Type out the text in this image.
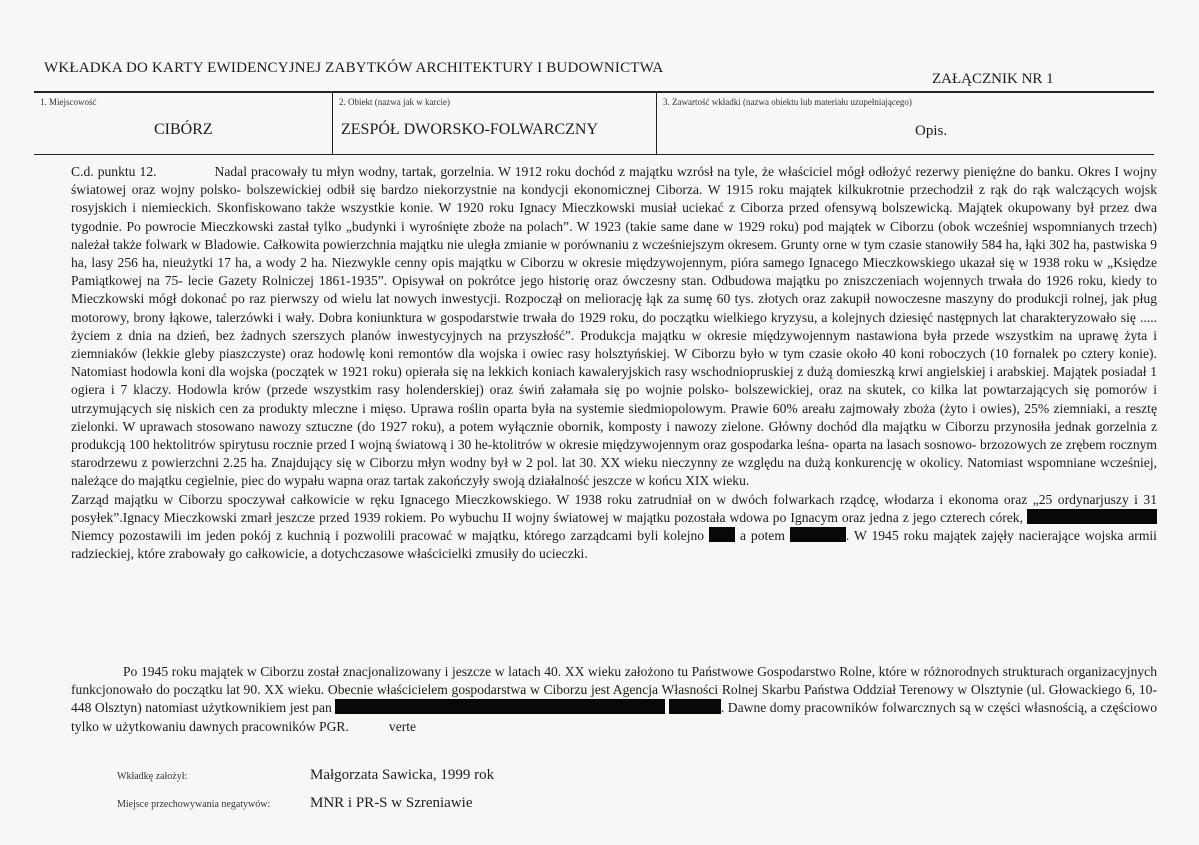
WKŁADKA DO KARTY EWIDENCYJNEJ ZABYTKÓW ARCHITEKTURY I BUDOWNICTWA
ZAŁĄCZNIK NR 1
1. Miejscowość
CIBÓRZ
2. Obiekt (nazwa jak w karcie)
ZESPÓŁ DWORSKO-FOLWARCZNY
3. Zawartość wkładki (nazwa obiektu lub materiału uzupełniającego)
Opis.

C.d. punktu 12.	Nadal pracowały tu młyn wodny, tartak, gorzelnia. W 1912 roku dochód z majątku wzrósł na tyle, że właściciel mógł odłożyć rezerwy pieniężne do banku. Okres I wojny światowej oraz wojny polsko- bolszewickiej odbił się bardzo niekorzystnie na kondycji ekonomicznej Ciborza. W 1915 roku majątek kilkukrotnie przechodził z rąk do rąk walczących wojsk rosyjskich i niemieckich. Skonfiskowano także wszystkie konie. W 1920 roku Ignacy Mieczkowski musiał uciekać z Ciborza przed ofensywą bolszewicką. Majątek okupowany był przez dwa tygodnie. Po powrocie Mieczkowski zastał tylko „budynki i wyrośnięte zboże na polach”. W 1923 (takie same dane w 1929 roku) pod majątek w Ciborzu (obok wcześniej wspomnianych trzech) należał także folwark w Bladowie. Całkowita powierzchnia majątku nie uległa zmianie w porównaniu z wcześniejszym okresem. Grunty orne w tym czasie stanowiły 584 ha, łąki 302 ha, pastwiska 9 ha, lasy 256 ha, nieużytki 17 ha, a wody 2 ha. Niezwykle cenny opis majątku w Ciborzu w okresie międzywojennym, pióra samego Ignacego Mieczkowskiego ukazał się w 1938 roku w „Księdze Pamiątkowej na 75- lecie Gazety Rolniczej 1861-1935”. Opisywał on pokrótce jego historię oraz ówczesny stan. Odbudowa majątku po zniszczeniach wojennych trwała do 1926 roku, kiedy to Mieczkowski mógł dokonać po raz pierwszy od wielu lat nowych inwestycji. Rozpoczął on meliorację łąk za sumę 60 tys. złotych oraz zakupił nowoczesne maszyny do produkcji rolnej, jak pług motorowy, brony łąkowe, talerzówki i wały. Dobra koniunktura w gospodarstwie trwała do 1929 roku, do początku wielkiego kryzysu, a kolejnych dziesięć następnych lat charakteryzowało się ..... życiem z dnia na dzień, bez żadnych szerszych planów inwestycyjnych na przyszłość”. Produkcja majątku w okresie międzywojennym nastawiona była przede wszystkim na uprawę żyta i ziemniaków (lekkie gleby piaszczyste) oraz hodowlę koni remontów dla wojska i owiec rasy holsztyńskiej. W Ciborzu było w tym czasie około 40 koni roboczych (10 fornalek po cztery konie). Natomiast hodowla koni dla wojska (początek w 1921 roku) opierała się na lekkich koniach kawaleryjskich rasy wschodniopruskiej z dużą domieszką krwi angielskiej i arabskiej. Majątek posiadał 1 ogiera i 7 klaczy. Hodowla krów (przede wszystkim rasy holenderskiej) oraz świń załamała się po wojnie polsko- bolszewickiej, oraz na skutek, co kilka lat powtarzających się pomorów i utrzymujących się niskich cen za produkty mleczne i mięso. Uprawa roślin oparta była na systemie siedmiopolowym. Prawie 60% areału zajmowały zboża (żyto i owies), 25% ziemniaki, a resztę zielonki. W uprawach stosowano nawozy sztuczne (do 1927 roku), a potem wyłącznie obornik, komposty i nawozy zielone. Główny dochód dla majątku w Ciborzu przynosiła jednak gorzelnia z produkcją 100 hektolitrów spirytusu rocznie przed I wojną światową i 30 he-ktolitrów w okresie międzywojennym oraz gospodarka leśna- oparta na lasach sosnowo- brzozowych ze zrębem rocznym starodrzewu z powierzchni 2.25 ha. Znajdujący się w Ciborzu młyn wodny był w 2 pol. lat 30. XX wieku nieczynny ze względu na dużą konkurencję w okolicy. Natomiast wspomniane wcześniej, należące do majątku cegielnie, piec do wypału wapna oraz tartak zakończyły swoją działalność jeszcze w końcu XIX wieku.

Zarząd majątku w Ciborzu spoczywał całkowicie w ręku Ignacego Mieczkowskiego. W 1938 roku zatrudniał on w dwóch folwarkach rządcę, włodarza i ekonoma oraz „25 ordynarjuszy i 31 posyłek”.Ignacy Mieczkowski zmarł jeszcze przed 1939 rokiem. Po wybuchu II wojny światowej w majątku pozostała wdowa po Ignacym oraz jedna z jego czterech córek,  Niemcy pozostawili im jeden pokój z kuchnią i pozwolili pracować w majątku, którego zarządcami byli kolejno	a potem	. W 1945 roku majątek zajęły nacierające wojska armii radzieckiej, które zrabowały go całkowicie, a dotychczasowe właścicielki zmusiły do ucieczki.

Po 1945 roku majątek w Ciborzu został znacjonalizowany i jeszcze w latach 40. XX wieku założono tu Państwowe Gospodarstwo Rolne, które w różnorodnych strukturach organizacyjnych funkcjonowało do początku lat 90. XX wieku. Obecnie właścicielem gospodarstwa w Ciborzu jest Agencja Własności Rolnej Skarbu Państwa Oddział Terenowy w Olsztynie (ul. Głowackiego 6, 10-448 Olsztyn) natomiast użytkownikiem jest pan	. Dawne domy pracowników folwarcznych są w części własnością, a częściowo tylko w użytkowaniu dawnych pracowników PGR.	verte
Wkładkę założył:	Małgorzata Sawicka, 1999 rok
Miejsce przechowywania negatywów:	MNR i PR-S w Szreniawie
